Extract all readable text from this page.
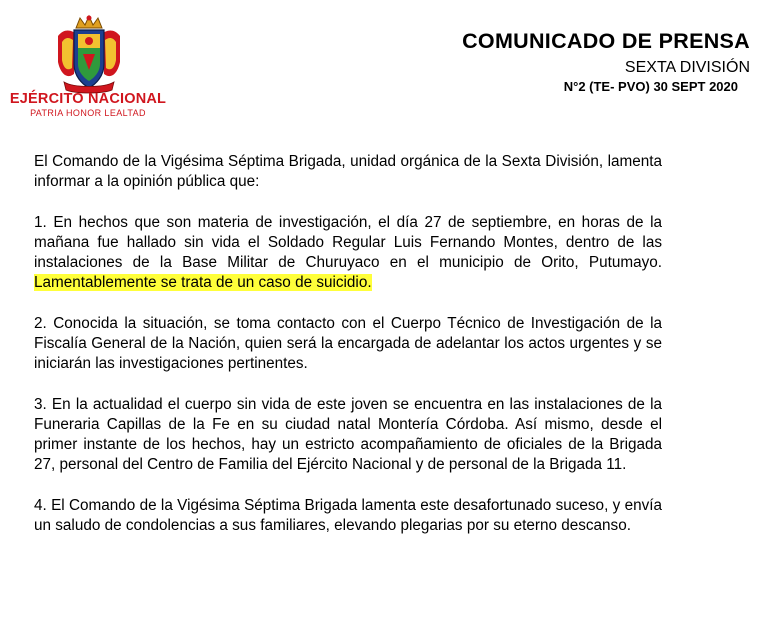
EJÉRCITO NACIONAL
PATRIA HONOR LEALTAD
COMUNICADO DE PRENSA
SEXTA DIVISIÓN
N°2 (TE- PVO) 30 SEPT 2020

El Comando de la Vigésima Séptima Brigada, unidad orgánica de la Sexta División, lamenta informar a la opinión pública que:

1. En hechos que son materia de investigación, el día 27 de septiembre, en horas de la mañana fue hallado sin vida el Soldado Regular Luis Fernando Montes, dentro de las instalaciones de la Base Militar de Churuyaco en el municipio de Orito, Putumayo. Lamentablemente se trata de un caso de suicidio.

2. Conocida la situación, se toma contacto con el Cuerpo Técnico de Investigación de la Fiscalía General de la Nación, quien será la encargada de adelantar los actos urgentes y se iniciarán las investigaciones pertinentes.

3. En la actualidad el cuerpo sin vida de este joven se encuentra en las instalaciones de la Funeraria Capillas de la Fe en su ciudad natal Montería Córdoba. Así mismo, desde el primer instante de los hechos, hay un estricto acompañamiento de oficiales de la Brigada 27, personal del Centro de Familia del Ejército Nacional y de personal de la Brigada 11.

4. El Comando de la Vigésima Séptima Brigada lamenta este desafortunado suceso, y envía un saludo de condolencias a sus familiares, elevando plegarias por su eterno descanso.
